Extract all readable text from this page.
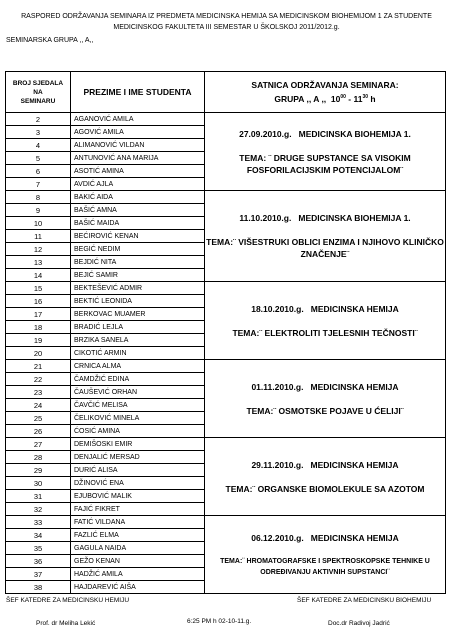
RASPORED ODRŽAVANJA SEMINARA IZ PREDMETA MEDICINSKA HEMIJA SA MEDICINSKOM BIOHEMIJOM 1 ZA STUDENTE
MEDICINSKOG FAKULTETA III SEMESTAR U ŠKOLSKOJ 2011/2012.g.
SEMINARSKA GRUPA ,, A,,
BROJ SJEDALA
NA
SEMINARU	PREZIME I IME STUDENTA	SATNICA ODRŽAVANJA SEMINARA:
GRUPA ,, A ,, $10^{00} - 11^{30}$ h
2	AGANOVIĆ AMILA	27.09.2010.g. MEDICINSKA BIOHEMIJA 1.
TEMA: ¨ DRUGE SUPSTANCE SA VISOKIM FOSFORILACIJSKIM POTENCIJALOM¨

3	AGOVIĆ AMILA	
4	ALIMANOVIĆ VILDAN	
5	ANTUNOVIĆ ANA MARIJA	
6	ASOTIĆ AMINA	
7	AVDIĆ AJLA	
8	BAKIĆ AIDA	11.10.2010.g. MEDICINSKA BIOHEMIJA 1.
TEMA:¨ VIŠESTRUKI OBLICI ENZIMA I NJIHOVO KLINIČKO ZNAČENJE¨

9	BAŠIĆ AMNA	
10	BAŠIĆ MAIDA	
11	BEĆIROVIĆ KENAN	
12	BEGIĆ NEDIM	
13	BEJDIĆ NITA	
14	BEJIĆ SAMIR	
15	BEKTEŠEVIĆ ADMIR	18.10.2010.g. MEDICINSKA HEMIJA
TEMA:¨ ELEKTROLITI TJELESNIH TEČNOSTI¨

16	BEKTIĆ LEONIDA	
17	BERKOVAC MUAMER	
18	BRADIĆ LEJLA	
19	BRZIKA SANELA	
20	CIKOTIĆ ARMIN	
21	CRNICA ALMA	01.11.2010.g. MEDICINSKA HEMIJA
TEMA:¨ OSMOTSKE POJAVE U ĆELIJI¨

22	ČAMDŽIĆ EDINA	
23	ČAUŠEVIĆ ORHAN	
24	ČAVČIĆ MELISA	
25	ČELIKOVIĆ MINELA	
26	ĆOSIĆ AMINA	
27	DEMIŠOSKI EMIR	29.11.2010.g. MEDICINSKA HEMIJA
TEMA:¨ ORGANSKE BIOMOLEKULE SA AZOTOM

28	DENJALIĆ MERSAD	
29	DURIĆ ALISA	
30	DŽINOVIĆ ENA	
31	EJUBOVIĆ MALIK	
32	FAJIĆ FIKRET	
33	FATIĆ VILDANA	06.12.2010.g. MEDICINSKA HEMIJA
TEMA:¨ HROMATOGRAFSKE I SPEKTROSKOPSKE TEHNIKE U ODREĐIVANJU AKTIVNIH SUPSTANCI¨

34	FAZLIĆ ELMA	
35	GAGULA NAIDA	
36	GEŽO KENAN	
37	HADŽIĆ AMILA	
38	HAJDAREVIĆ AIŠA	
ŠEF KATEDRE ZA MEDICINSKU HEMIJU	ŠEF KATEDRE ZA MEDICINSKU BIOHEMIJU
Prof. dr Meliha Lekić	6:25 PM h 02-10-11.g.	Doc.dr Radivoj Jadrić
